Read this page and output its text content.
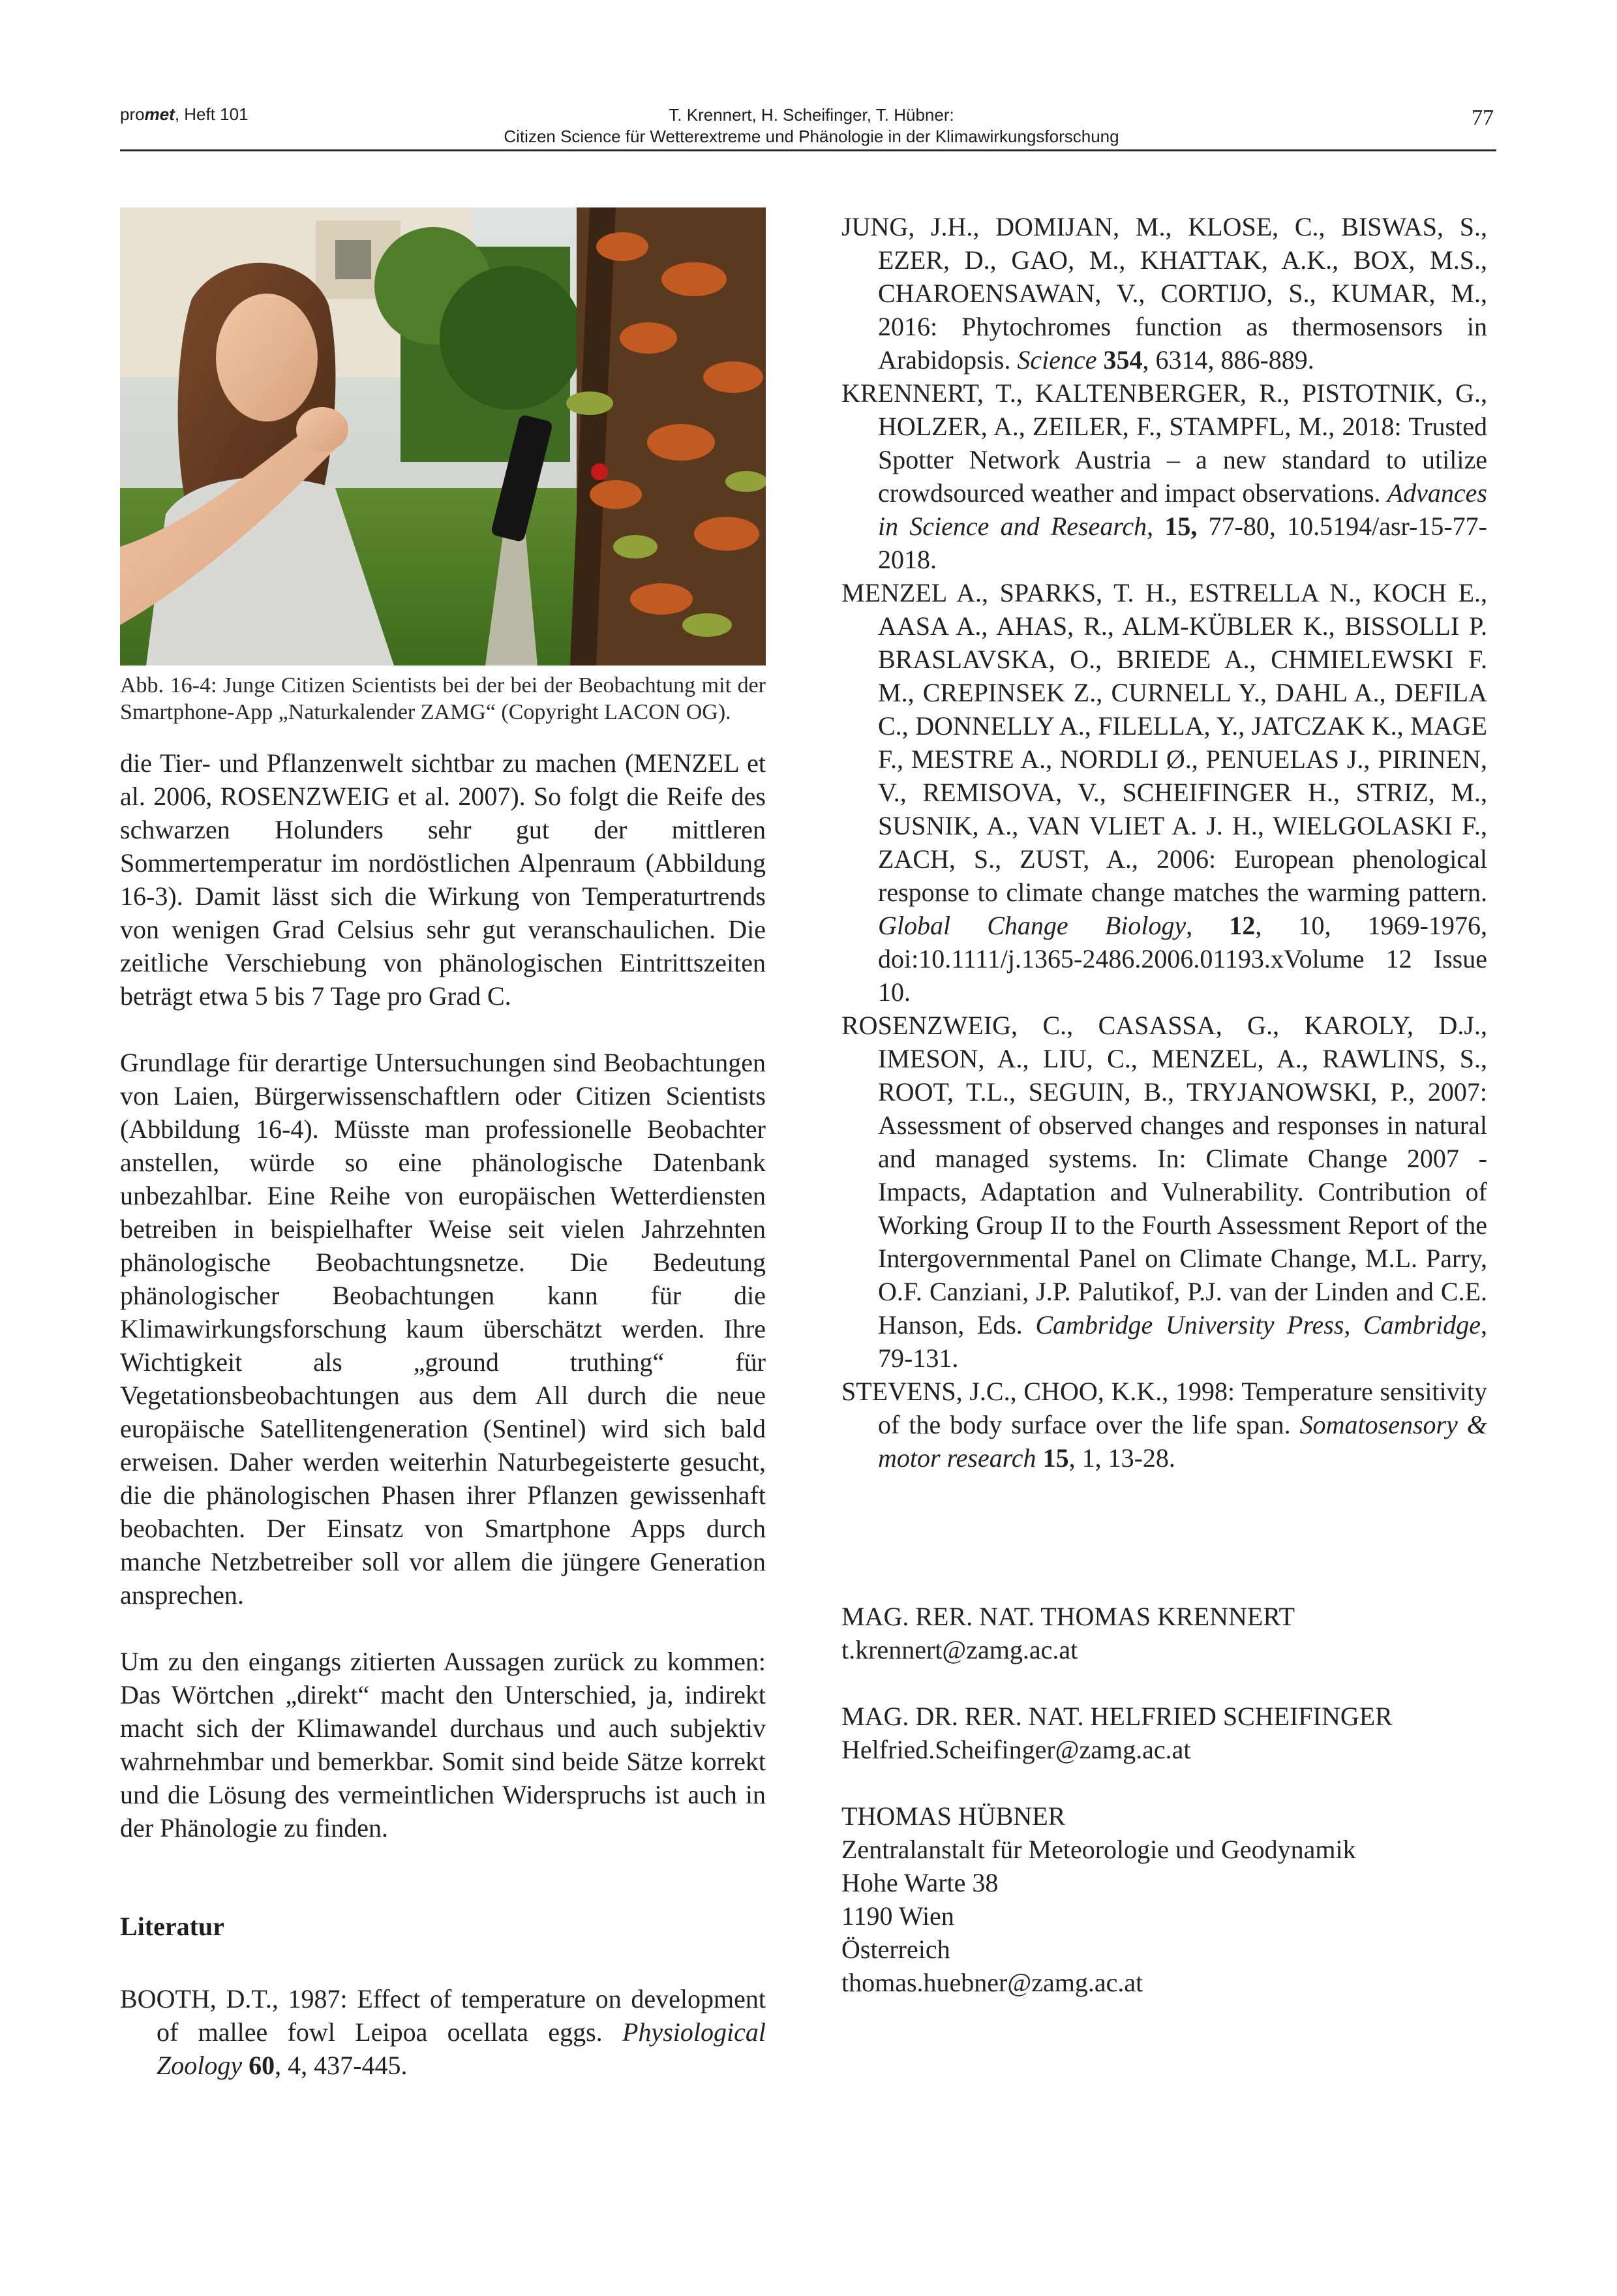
promet, Heft 101	T. Krennert, H. Scheifinger, T. Hübner:
Citizen Science für Wetterextreme und Phänologie in der Klimawirkungsforschung
77

Abb. 16-4: Junge Citizen Scientists bei der bei der Beobachtung mit der Smartphone-App „Naturkalender ZAMG“ (Copyright LACON OG).

die Tier- und Pflanzenwelt sichtbar zu machen (MENZEL et al. 2006, ROSENZWEIG et al. 2007). So folgt die Reife des schwarzen Holunders sehr gut der mittleren Sommertemperatur im nordöstlichen Alpenraum (Abbildung 16-3). Damit lässt sich die Wirkung von Temperaturtrends von wenigen Grad Celsius sehr gut veranschaulichen. Die zeitliche Verschiebung von phänologischen Eintrittszeiten beträgt etwa 5 bis 7 Tage pro Grad C.

Grundlage für derartige Untersuchungen sind Beobachtungen von Laien, Bürgerwissenschaftlern oder Citizen Scientists (Abbildung 16-4). Müsste man professionelle Beobachter anstellen, würde so eine phänologische Datenbank unbezahlbar. Eine Reihe von europäischen Wetterdiensten betreiben in beispielhafter Weise seit vielen Jahrzehnten phänologische Beobachtungsnetze. Die Bedeutung phänologischer Beobachtungen kann für die Klimawirkungsforschung kaum überschätzt werden. Ihre Wichtigkeit als „ground truthing“ für Vegetationsbeobachtungen aus dem All durch die neue europäische Satellitengeneration (Sentinel) wird sich bald erweisen. Daher werden weiterhin Naturbegeisterte gesucht, die die phänologischen Phasen ihrer Pflanzen gewissenhaft beobachten. Der Einsatz von Smartphone Apps durch manche Netzbetreiber soll vor allem die jüngere Generation ansprechen.

Um zu den eingangs zitierten Aussagen zurück zu kommen: Das Wörtchen „direkt“ macht den Unterschied, ja, indirekt macht sich der Klimawandel durchaus und auch subjektiv wahrnehmbar und bemerkbar. Somit sind beide Sätze korrekt und die Lösung des vermeintlichen Widerspruchs ist auch in der Phänologie zu finden.

Literatur

BOOTH, D.T., 1987: Effect of temperature on development of mallee fowl Leipoa ocellata eggs. Physiological Zoology 60, 4, 437-445.

JUNG, J.H., DOMIJAN, M., KLOSE, C., BISWAS, S., EZER, D., GAO, M., KHATTAK, A.K., BOX, M.S., CHAROENSAWAN, V., CORTIJO, S., KUMAR, M., 2016: Phytochromes function as thermosensors in Arabidopsis. Science 354, 6314, 886-889.

KRENNERT, T., KALTENBERGER, R., PISTOTNIK, G., HOLZER, A., ZEILER, F., STAMPFL, M., 2018: Trusted Spotter Network Austria – a new standard to utilize crowdsourced weather and impact observations. Advances in Science and Research, 15, 77-80, 10.5194/asr-15-77-2018.

MENZEL A., SPARKS, T. H., ESTRELLA N., KOCH E., AASA A., AHAS, R., ALM-KÜBLER K., BISSOLLI P. BRASLAVSKA, O., BRIEDE A., CHMIELEWSKI F. M., CREPINSEK Z., CURNELL Y., DAHL A., DEFILA C., DONNELLY A., FILELLA, Y., JATCZAK K., MAGE F., MESTRE A., NORDLI Ø., PENUELAS J., PIRINEN, V., REMISOVA, V., SCHEIFINGER H., STRIZ, M., SUSNIK, A., VAN VLIET A. J. H., WIELGOLASKI F., ZACH, S., ZUST, A., 2006: European phenological response to climate change matches the warming pattern. Global Change Biology, 12, 10, 1969-1976, doi:10.1111/j.1365-2486.2006.01193.xVolume 12 Issue 10.

ROSENZWEIG, C., CASASSA, G., KAROLY, D.J., IMESON, A., LIU, C., MENZEL, A., RAWLINS, S., ROOT, T.L., SEGUIN, B., TRYJANOWSKI, P., 2007: Assessment of observed changes and responses in natural and managed systems. In: Climate Change 2007 - Impacts, Adaptation and Vulnerability. Contribution of Working Group II to the Fourth Assessment Report of the Intergovernmental Panel on Climate Change, M.L. Parry, O.F. Canziani, J.P. Palutikof, P.J. van der Linden and C.E. Hanson, Eds. Cambridge University Press, Cambridge, 79-131.

STEVENS, J.C., CHOO, K.K., 1998: Temperature sensitivity of the body surface over the life span. Somatosensory & motor research 15, 1, 13-28.

MAG. RER. NAT. THOMAS KRENNERT
t.krennert@zamg.ac.at
MAG. DR. RER. NAT. HELFRIED SCHEIFINGER
Helfried.Scheifinger@zamg.ac.at
THOMAS HÜBNER
Zentralanstalt für Meteorologie und Geodynamik
Hohe Warte 38
1190 Wien
Österreich
thomas.huebner@zamg.ac.at
